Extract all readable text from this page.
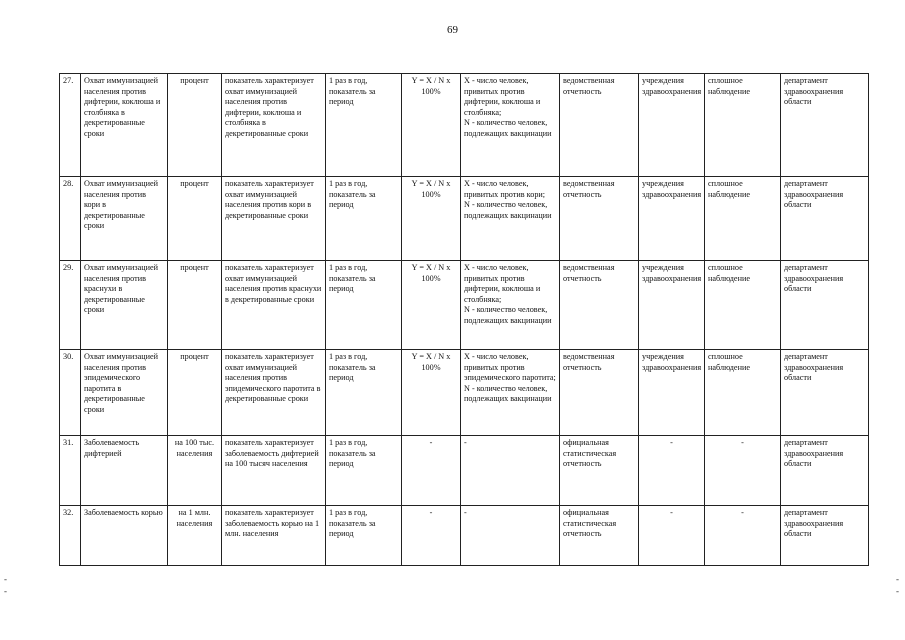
69
27.	Охват иммунизацией населения против дифтерии, коклюша и столбняка в декретированные сроки	процент	показатель характеризует охват иммунизацией населения против дифтерии, коклюша и столбняка в декретированные сроки	1 раз в год, показатель за период	Y = X / N x 100%	X - число человек, привитых против дифтерии, коклюша и столбняка;
N - количество человек, подлежащих вакцинации	ведомственная отчетность	учреждения здравоохранения	сплошное наблюдение	департамент здравоохранения области
28.	Охват иммунизацией населения против кори в декретированные сроки	процент	показатель характеризует охват иммунизацией населения против кори в декретированные сроки	1 раз в год, показатель за период	Y = X / N x 100%	X - число человек, привитых против кори;
N - количество человек, подлежащих вакцинации	ведомственная отчетность	учреждения здравоохранения	сплошное наблюдение	департамент здравоохранения области
29.	Охват иммунизацией населения против краснухи в декретированные сроки	процент	показатель характеризует охват иммунизацией населения против краснухи в декретированные сроки	1 раз в год, показатель за период	Y = X / N x 100%	X - число человек, привитых против дифтерии, коклюша и столбняка;
N - количество человек, подлежащих вакцинации	ведомственная отчетность	учреждения здравоохранения	сплошное наблюдение	департамент здравоохранения области
30.	Охват иммунизацией населения против эпидемического паротита в декретированные сроки	процент	показатель характеризует охват иммунизацией населения против эпидемического паротита в декретированные сроки	1 раз в год, показатель за период	Y = X / N x 100%	X - число человек, привитых против эпидемического паротита;
N - количество человек, подлежащих вакцинации	ведомственная отчетность	учреждения здравоохранения	сплошное наблюдение	департамент здравоохранения области
31.	Заболеваемость дифтерией	на 100 тыс. населения	показатель характеризует заболеваемость дифтерией на 100 тысяч населения	1 раз в год, показатель за период	-	-	официальная статистическая отчетность	-	-	департамент здравоохранения области
32.	Заболеваемость корью	на 1 млн. населения	показатель характеризует заболеваемость корью на 1 млн. населения	1 раз в год, показатель за период	-	-	официальная статистическая отчетность	-	-	департамент здравоохранения области
-
-
-
-
